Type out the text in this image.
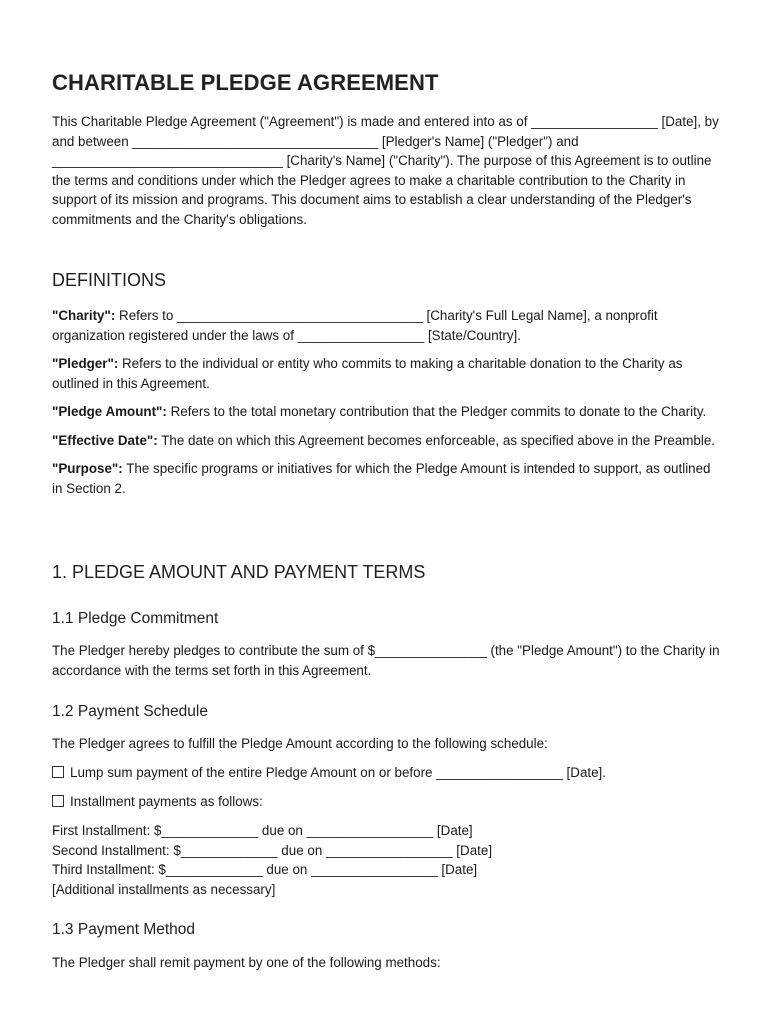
CHARITABLE PLEDGE AGREEMENT

This Charitable Pledge Agreement ("Agreement") is made and entered into as of _________________ [Date], by and between _________________________________ [Pledger's Name] ("Pledger") and _______________________________ [Charity's Name] ("Charity"). The purpose of this Agreement is to outline the terms and conditions under which the Pledger agrees to make a charitable contribution to the Charity in support of its mission and programs. This document aims to establish a clear understanding of the Pledger's commitments and the Charity's obligations.

DEFINITIONS

"Charity": Refers to _________________________________ [Charity's Full Legal Name], a nonprofit organization registered under the laws of _________________ [State/Country].

"Pledger": Refers to the individual or entity who commits to making a charitable donation to the Charity as outlined in this Agreement.

"Pledge Amount": Refers to the total monetary contribution that the Pledger commits to donate to the Charity.

"Effective Date": The date on which this Agreement becomes enforceable, as specified above in the Preamble.

"Purpose": The specific programs or initiatives for which the Pledge Amount is intended to support, as outlined in Section 2.

1. PLEDGE AMOUNT AND PAYMENT TERMS
1.1 Pledge Commitment

The Pledger hereby pledges to contribute the sum of $_______________ (the "Pledge Amount") to the Charity in accordance with the terms set forth in this Agreement.

1.2 Payment Schedule

The Pledger agrees to fulfill the Pledge Amount according to the following schedule:

Lump sum payment of the entire Pledge Amount on or before _________________ [Date].

Installment payments as follows:

First Installment: $_____________ due on _________________ [Date]
Second Installment: $_____________ due on _________________ [Date]
Third Installment: $_____________ due on _________________ [Date]
[Additional installments as necessary]
1.3 Payment Method

The Pledger shall remit payment by one of the following methods:
